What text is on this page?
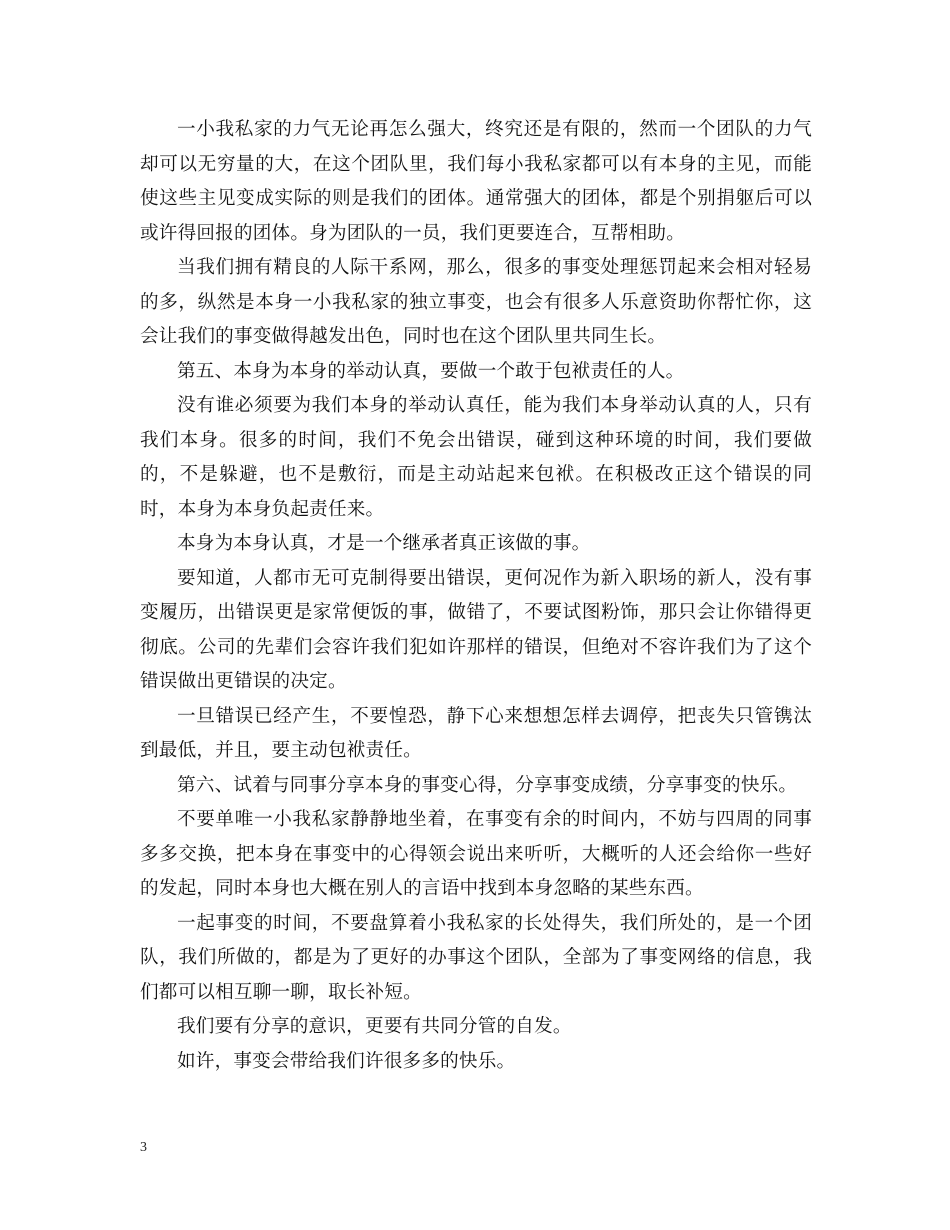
一小我私家的力气无论再怎么强大，终究还是有限的，然而一个团队的力气却可以无穷量的大，在这个团队里，我们每小我私家都可以有本身的主见，而能使这些主见变成实际的则是我们的团体。通常强大的团体，都是个别捐躯后可以或许得回报的团体。身为团队的一员，我们更要连合，互帮相助。

当我们拥有精良的人际干系网，那么，很多的事变处理惩罚起来会相对轻易的多，纵然是本身一小我私家的独立事变，也会有很多人乐意资助你帮忙你，这会让我们的事变做得越发出色，同时也在这个团队里共同生长。

第五、本身为本身的举动认真，要做一个敢于包袱责任的人。

没有谁必须要为我们本身的举动认真任，能为我们本身举动认真的人，只有我们本身。很多的时间，我们不免会出错误，碰到这种环境的时间，我们要做的，不是躲避，也不是敷衍，而是主动站起来包袱。在积极改正这个错误的同时，本身为本身负起责任来。

本身为本身认真，才是一个继承者真正该做的事。

要知道，人都市无可克制得要出错误，更何况作为新入职场的新人，没有事变履历，出错误更是家常便饭的事，做错了，不要试图粉饰，那只会让你错得更彻底。公司的先辈们会容许我们犯如许那样的错误，但绝对不容许我们为了这个错误做出更错误的决定。

一旦错误已经产生，不要惶恐，静下心来想想怎样去调停，把丧失只管镌汰到最低，并且，要主动包袱责任。

第六、试着与同事分享本身的事变心得，分享事变成绩，分享事变的快乐。

不要单唯一小我私家静静地坐着，在事变有余的时间内，不妨与四周的同事多多交换，把本身在事变中的心得领会说出来听听，大概听的人还会给你一些好的发起，同时本身也大概在别人的言语中找到本身忽略的某些东西。

一起事变的时间，不要盘算着小我私家的长处得失，我们所处的，是一个团队，我们所做的，都是为了更好的办事这个团队，全部为了事变网络的信息，我们都可以相互聊一聊，取长补短。

我们要有分享的意识，更要有共同分管的自发。

如许，事变会带给我们许很多多的快乐。

3
